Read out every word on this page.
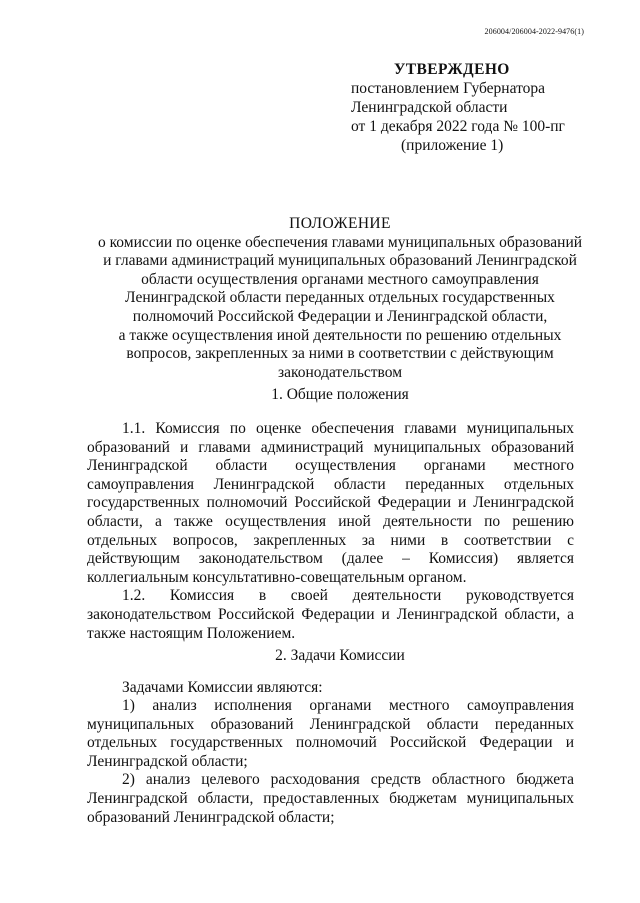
206004/206004-2022-9476(1)
УТВЕРЖДЕНО
постановлением Губернатора
Ленинградской области
от 1 декабря 2022 года № 100-пг
(приложение 1)
ПОЛОЖЕНИЕ
о комиссии по оценке обеспечения главами муниципальных образований
и главами администраций муниципальных образований Ленинградской
области осуществления органами местного самоуправления
Ленинградской области переданных отдельных государственных
полномочий Российской Федерации и Ленинградской области,
а также осуществления иной деятельности по решению отдельных
вопросов, закрепленных за ними в соответствии с действующим
законодательством
1. Общие положения

1.1. Комиссия по оценке обеспечения главами муниципальных образований и главами администраций муниципальных образований Ленинградской области осуществления органами местного самоуправления Ленинградской области переданных отдельных государственных полномочий Российской Федерации и Ленинградской области, а также осуществления иной деятельности по решению отдельных вопросов, закрепленных за ними в соответствии с действующим законодательством (далее – Комиссия) является коллегиальным консультативно-совещательным органом.

1.2. Комиссия в своей деятельности руководствуется законодательством Российской Федерации и Ленинградской области, а также настоящим Положением.

2. Задачи Комиссии
Задачами Комиссии являются:

1) анализ исполнения органами местного самоуправления муниципальных образований Ленинградской области переданных отдельных государственных полномочий Российской Федерации и Ленинградской области;

2) анализ целевого расходования средств областного бюджета Ленинградской области, предоставленных бюджетам муниципальных образований Ленинградской области;
